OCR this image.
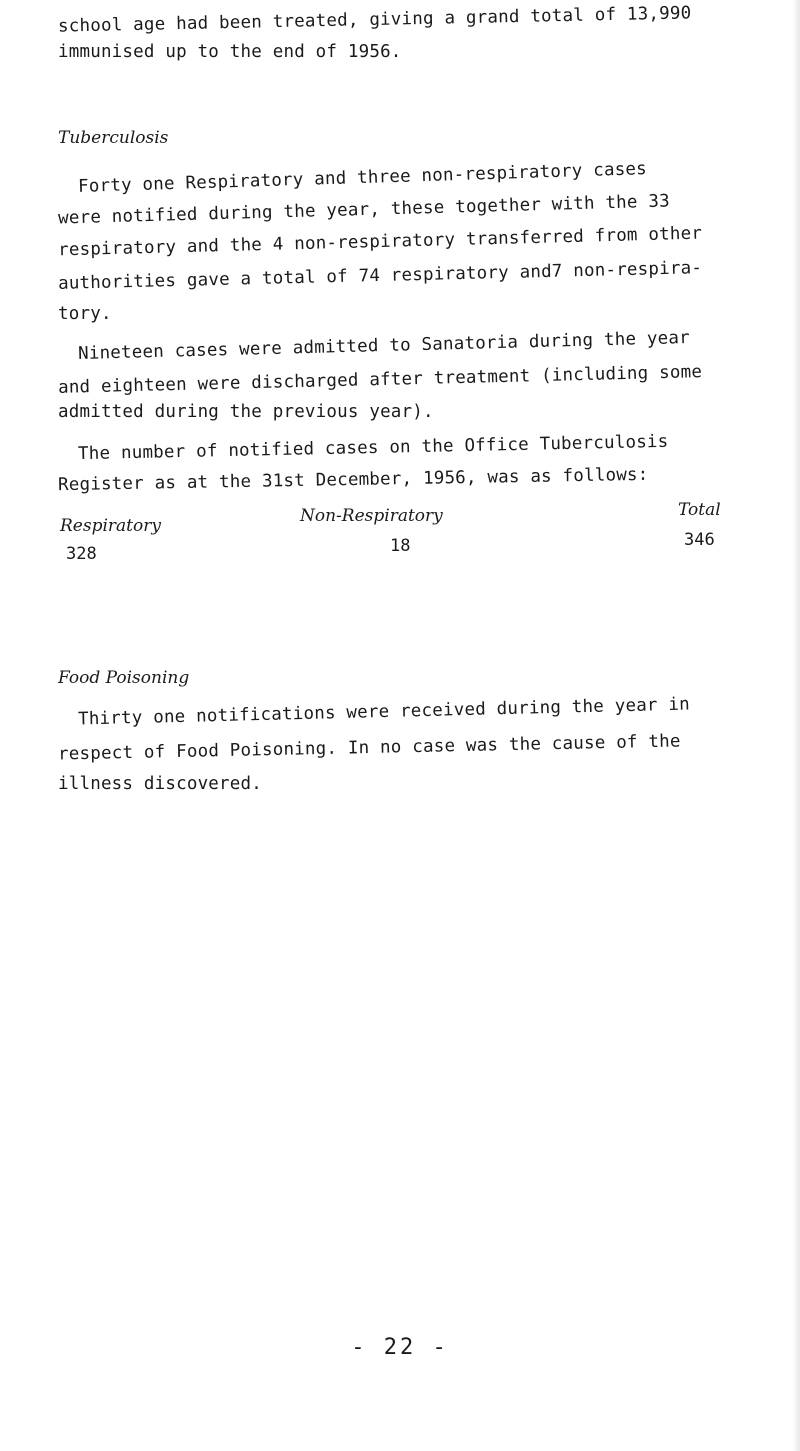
school age had been treated, giving a grand total of 13,990
immunised up to the end of 1956.
Tuberculosis
Forty one Respiratory and three non-respiratory cases
were notified during the year, these together with the 33
respiratory and the 4 non-respiratory transferred from other
authorities gave a total of 74 respiratory and7 non-respira-
tory.
Nineteen cases were admitted to Sanatoria during the year
and eighteen were discharged after treatment (including some
admitted during the previous year).
The number of notified cases on the Office Tuberculosis
Register as at the 31st December, 1956, was as follows:
Respiratory	Non-Respiratory	Total
328	18	346
Food Poisoning
Thirty one notifications were received during the year in
respect of Food Poisoning. In no case was the cause of the
illness discovered.
- 22 -
